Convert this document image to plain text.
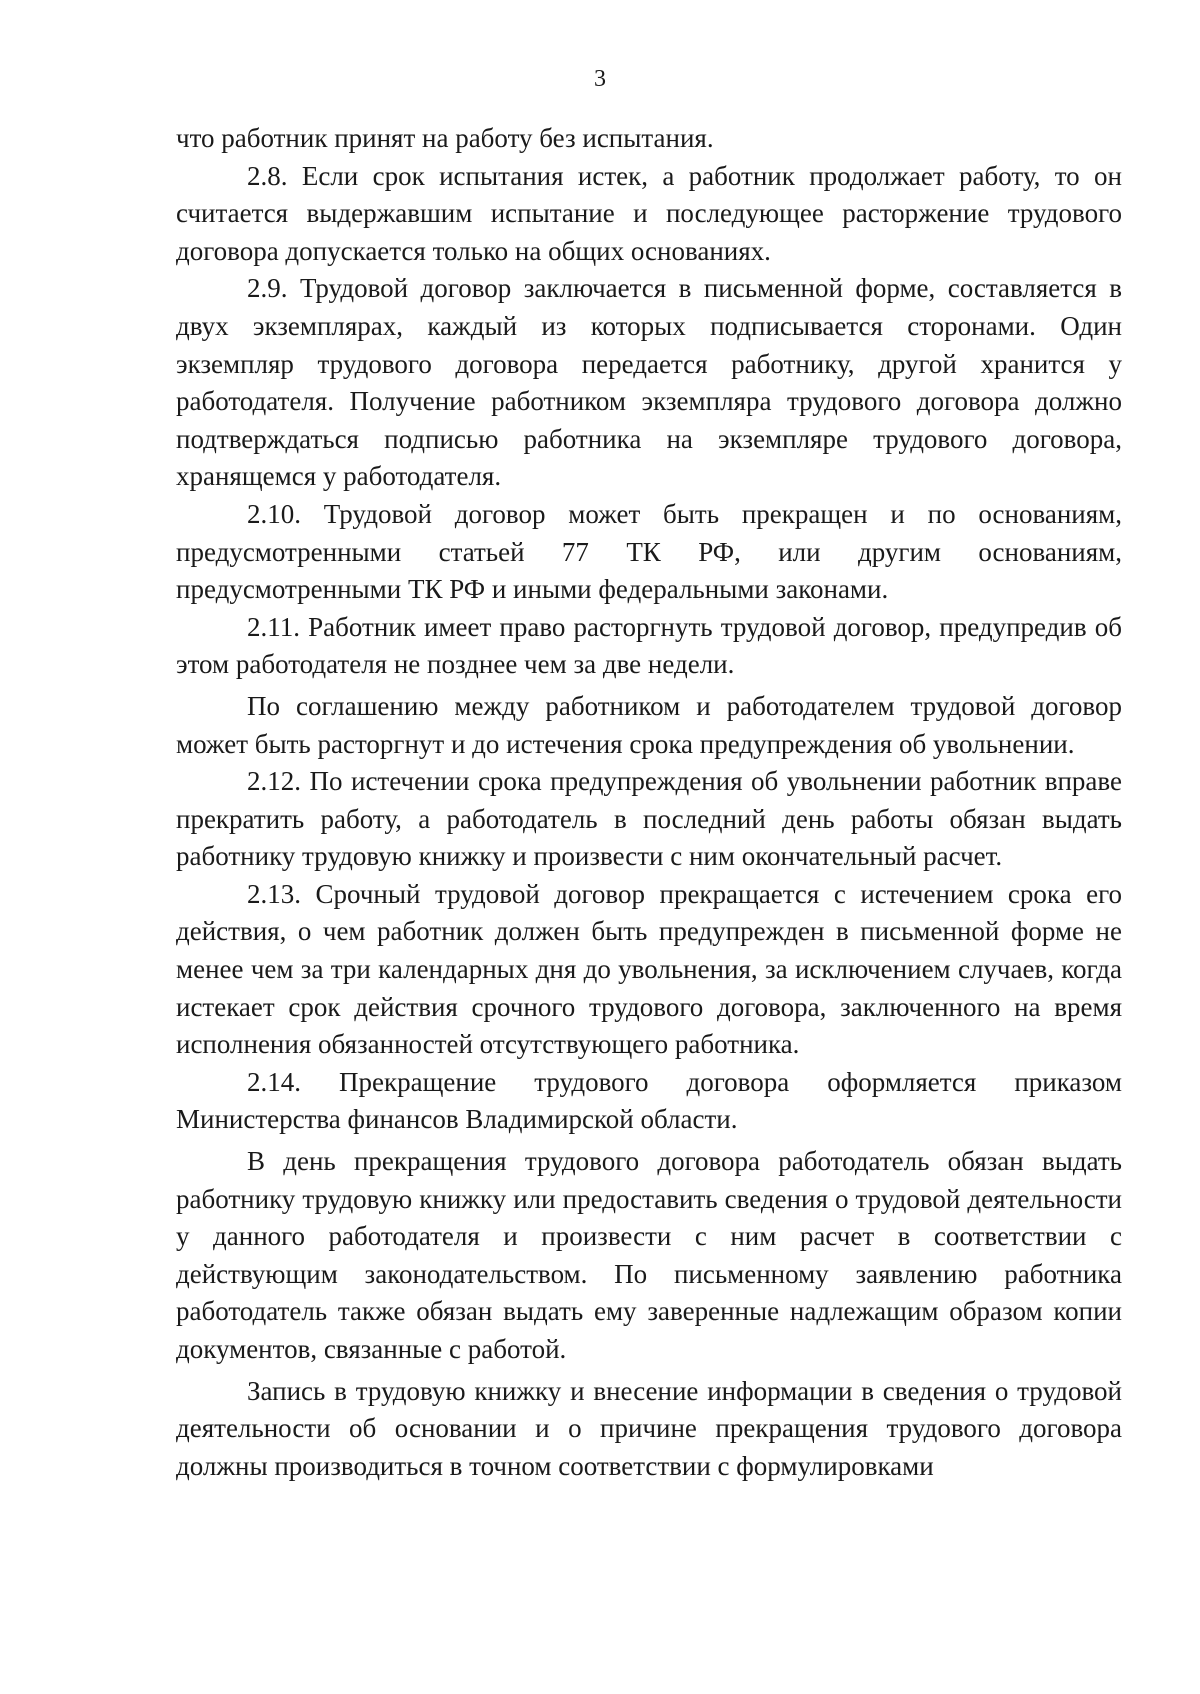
3

что работник принят на работу без испытания.

2.8. Если срок испытания истек, а работник продолжает работу, то он считается выдержавшим испытание и последующее расторжение трудового договора допускается только на общих основаниях.

2.9. Трудовой договор заключается в письменной форме, составляется в двух экземплярах, каждый из которых подписывается сторонами. Один экземпляр трудового договора передается работнику, другой хранится у работодателя. Получение работником экземпляра трудового договора должно подтверждаться подписью работника на экземпляре трудового договора, хранящемся у работодателя.

2.10. Трудовой договор может быть прекращен и по основаниям, предусмотренными статьей 77 ТК РФ, или другим основаниям, предусмотренными ТК РФ и иными федеральными законами.

2.11. Работник имеет право расторгнуть трудовой договор, предупредив об этом работодателя не позднее чем за две недели.

По соглашению между работником и работодателем трудовой договор может быть расторгнут и до истечения срока предупреждения об увольнении.

2.12. По истечении срока предупреждения об увольнении работник вправе прекратить работу, а работодатель в последний день работы обязан выдать работнику трудовую книжку и произвести с ним окончательный расчет.

2.13. Срочный трудовой договор прекращается с истечением срока его действия, о чем работник должен быть предупрежден в письменной форме не менее чем за три календарных дня до увольнения, за исключением случаев, когда истекает срок действия срочного трудового договора, заключенного на время исполнения обязанностей отсутствующего работника.

2.14. Прекращение трудового договора оформляется приказом Министерства финансов Владимирской области.

В день прекращения трудового договора работодатель обязан выдать работнику трудовую книжку или предоставить сведения о трудовой деятельности у данного работодателя и произвести с ним расчет в соответствии с действующим законодательством. По письменному заявлению работника работодатель также обязан выдать ему заверенные надлежащим образом копии документов, связанные с работой.

Запись в трудовую книжку и внесение информации в сведения о трудовой деятельности об основании и о причине прекращения трудового договора должны производиться в точном соответствии с формулировками
